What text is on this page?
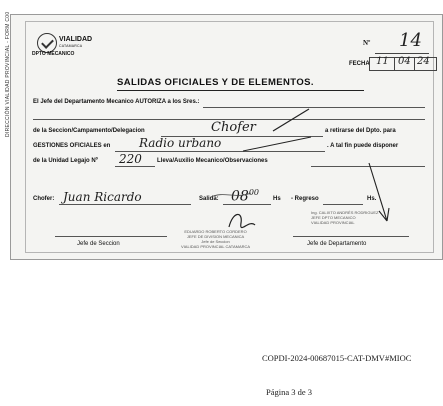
DIRECCIÓN VIALIDAD PROVINCIAL - FORM C00	VIALIDAD
CATAMARCA
DPTO MECANICO
Nº 14
FECHA 11 04 24
SALIDAS OFICIALES Y DE ELEMENTOS.
El Jefe del Departamento Mecanico AUTORIZA a los Sres.:
de la Seccion/Campamento/Delegacion	Chofer	a retirarse del Dpto. para
GESTIONES OFICIALES en Radio urbano	. A tal fin puede disponer
de la Unidad Legajo Nº 220	Lleva/Auxilio Mecanico/Observaciones
Chofer: Juan Ricardo	Salida: $08^{00}$
Hs - Regreso	Hs.
Ing. CALIXTO ANDRÉS RODRIGUEZ
JEFE DPTO MECANICO
VIALIDAD PROVINCIAL
EDUARDO ROBERTO CORDERO
JEFE DE DIVISION MECANICA
Jefe de Seccion
VIALIDAD PROVINCIAL CATAMARCA
Jefe de Seccion	Jefe de Departamento
COPDI-2024-00687015-CAT-DMV#MIOC
Página 3 de 3
